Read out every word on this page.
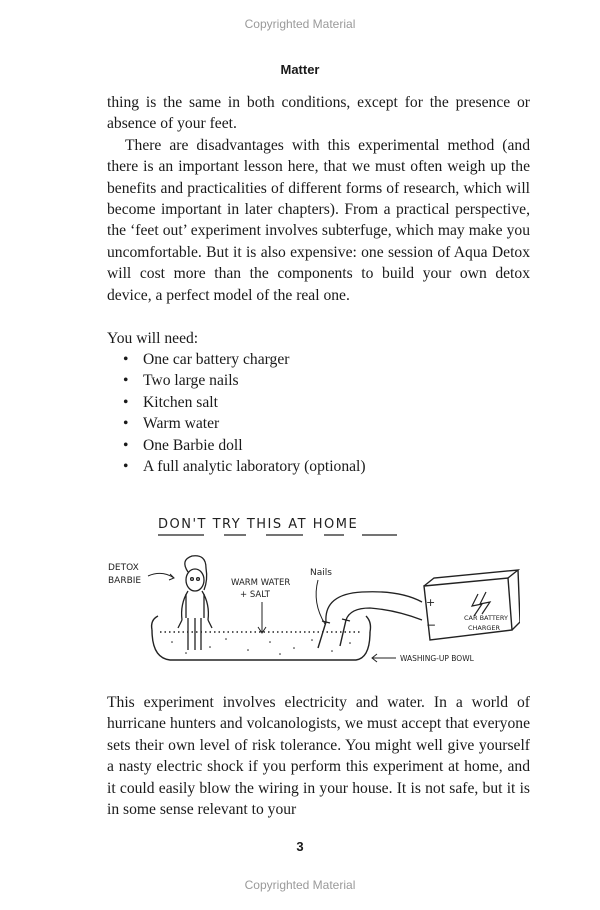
Copyrighted Material
Matter

thing is the same in both conditions, except for the presence or absence of your feet.

There are disadvantages with this experimental method (and there is an important lesson here, that we must often weigh up the benefits and practicalities of different forms of research, which will become important in later chapters). From a practical perspective, the ‘feet out’ experiment involves subterfuge, which may make you uncomfortable. But it is also expensive: one session of Aqua Detox will cost more than the components to build your own detox device, a perfect model of the real one.

You will need:
• One car battery charger
• Two large nails
• Kitchen salt
• Warm water
• One Barbie doll
• A full analytic laboratory (optional)
DON'T TRY THIS AT HOME
DETOX
BARBIE	WARM WATER
+ SALT
Nails
+
−	CAR BATTERY
CHARGER
WASHING-UP BOWL

This experiment involves electricity and water. In a world of hurricane hunters and volcanologists, we must accept that everyone sets their own level of risk tolerance. You might well give yourself a nasty electric shock if you perform this experiment at home, and it could easily blow the wiring in your house. It is not safe, but it is in some sense relevant to your

3
Copyrighted Material
